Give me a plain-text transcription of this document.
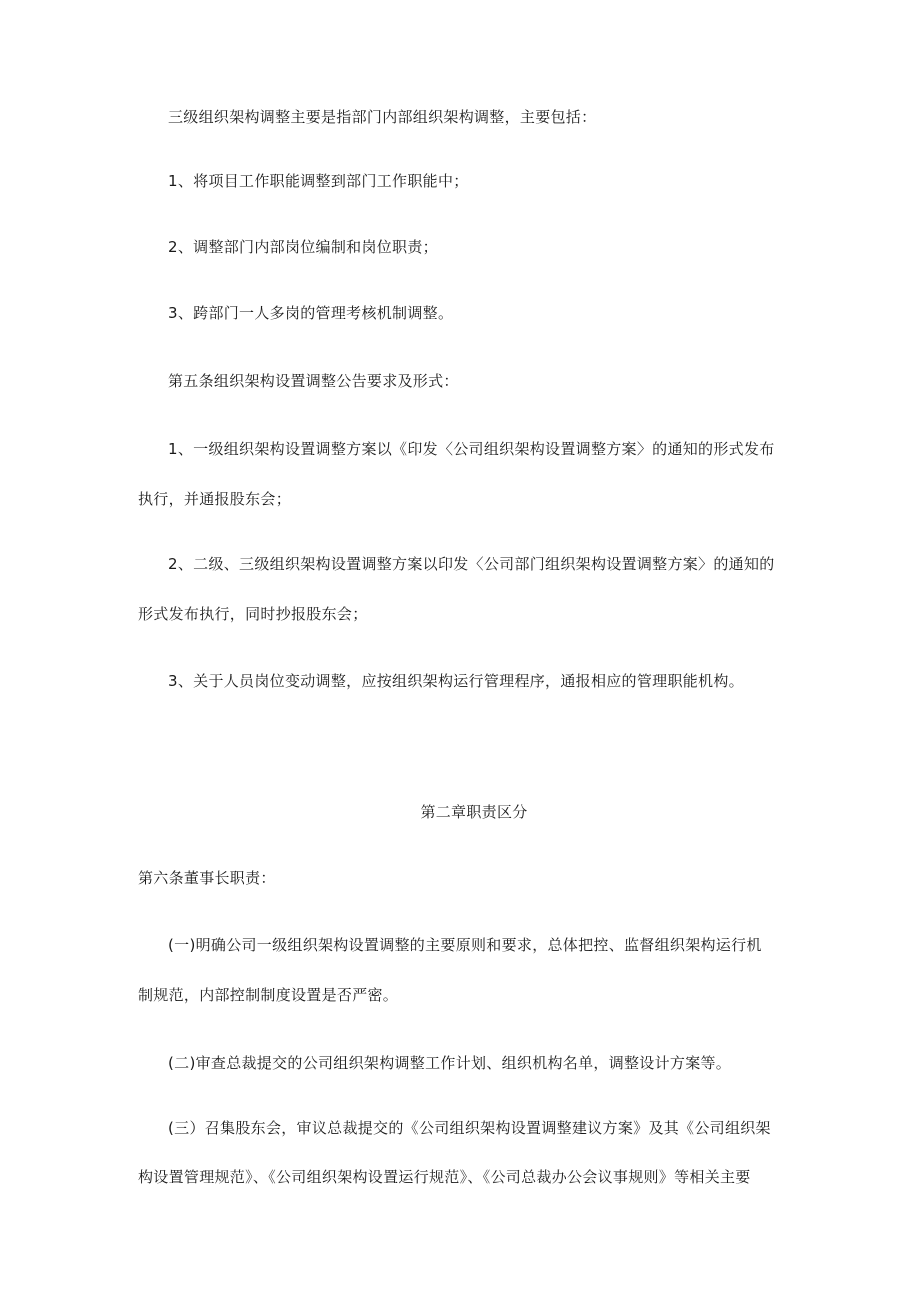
三级组织架构调整主要是指部门内部组织架构调整，主要包括：
1、将项目工作职能调整到部门工作职能中；
2、调整部门内部岗位编制和岗位职责；
3、跨部门一人多岗的管理考核机制调整。
第五条组织架构设置调整公告要求及形式：
1、一级组织架构设置调整方案以《印发〈公司组织架构设置调整方案〉的通知的形式发布
执行，并通报股东会；
2、二级、三级组织架构设置调整方案以印发〈公司部门组织架构设置调整方案〉的通知的
形式发布执行，同时抄报股东会；
3、关于人员岗位变动调整，应按组织架构运行管理程序，通报相应的管理职能机构。
第二章职责区分
第六条董事长职责：
(一)明确公司一级组织架构设置调整的主要原则和要求，总体把控、监督组织架构运行机
制规范，内部控制制度设置是否严密。
(二)审查总裁提交的公司组织架构调整工作计划、组织机构名单，调整设计方案等。
(三）召集股东会，审议总裁提交的《公司组织架构设置调整建议方案》及其《公司组织架
构设置管理规范》、《公司组织架构设置运行规范》、《公司总裁办公会议事规则》等相关主要
